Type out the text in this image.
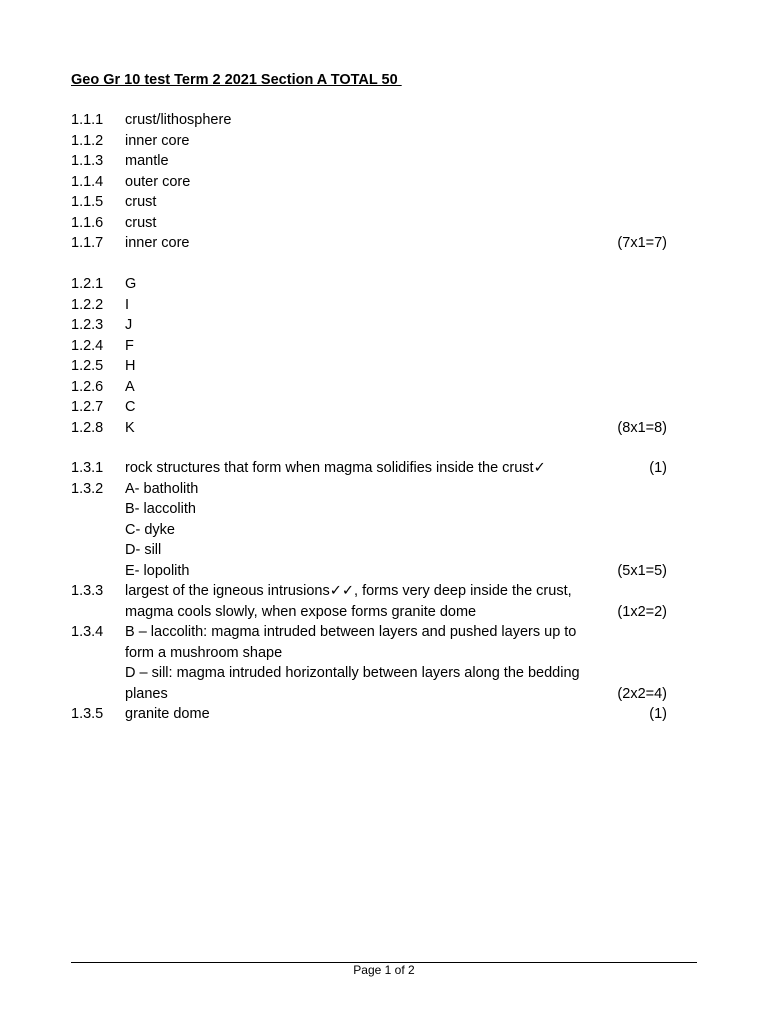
Geo Gr 10 test Term 2 2021 Section A TOTAL 50
1.1.1 crust/lithosphere
1.1.2 inner core
1.1.3 mantle
1.1.4 outer core
1.1.5 crust
1.1.6 crust
1.1.7 inner core	(7x1=7)
1.2.1 G
1.2.2 I
1.2.3 J
1.2.4 F
1.2.5 H
1.2.6 A
1.2.7 C
1.2.8 K	(8x1=8)
1.3.1 rock structures that form when magma solidifies inside the crust✓	(1)
1.3.2 A- batholith
B- laccolith
C- dyke
D- sill
E- lopolith	(5x1=5)
1.3.3 largest of the igneous intrusions✓✓, forms very deep inside the crust,
magma cools slowly, when expose forms granite dome	(1x2=2)
1.3.4 B – laccolith: magma intruded between layers and pushed layers up to
form a mushroom shape
D – sill: magma intruded horizontally between layers along the bedding
planes	(2x2=4)
1.3.5 granite dome	(1)
Page 1 of 2
